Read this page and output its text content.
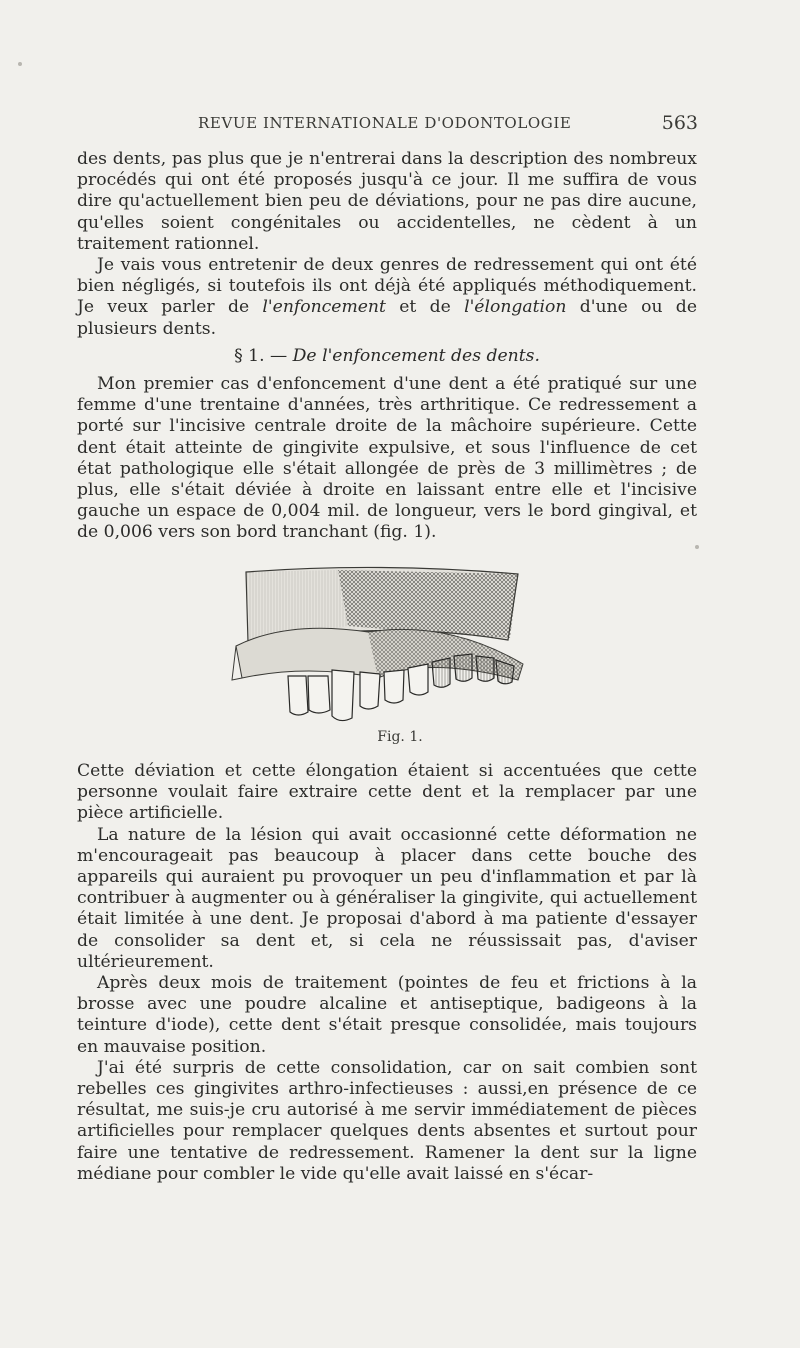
REVUE INTERNATIONALE D'ODONTOLOGIE	563

des dents, pas plus que je n'entrerai dans la description des nombreux procédés qui ont été proposés jusqu'à ce jour. Il me suffira de vous dire qu'actuellement bien peu de déviations, pour ne pas dire aucune, qu'elles soient congénitales ou accidentelles, ne cèdent à un traitement rationnel.

Je vais vous entretenir de deux genres de redressement qui ont été bien négligés, si toutefois ils ont déjà été appliqués méthodiquement. Je veux parler de l'enfoncement et de l'élongation d'une ou de plusieurs dents.

§ 1. — De l'enfoncement des dents.

Mon premier cas d'enfoncement d'une dent a été pratiqué sur une femme d'une trentaine d'années, très arthritique. Ce redressement a porté sur l'incisive centrale droite de la mâchoire supérieure. Cette dent était atteinte de gingivite expulsive, et sous l'influence de cet état pathologique elle s'était allongée de près de 3 millimètres ; de plus, elle s'était déviée à droite en laissant entre elle et l'incisive gauche un espace de 0,004 mil. de longueur, vers le bord gingival, et de 0,006 vers son bord tranchant (fig. 1).

Fig. 1.

Cette déviation et cette élongation étaient si accentuées que cette personne voulait faire extraire cette dent et la remplacer par une pièce artificielle.

La nature de la lésion qui avait occasionné cette déformation ne m'encourageait pas beaucoup à placer dans cette bouche des appareils qui auraient pu provoquer un peu d'inflammation et par là contribuer à augmenter ou à généraliser la gingivite, qui actuellement était limitée à une dent. Je proposai d'abord à ma patiente d'essayer de consolider sa dent et, si cela ne réussissait pas, d'aviser ultérieurement.

Après deux mois de traitement (pointes de feu et frictions à la brosse avec une poudre alcaline et antiseptique, badigeons à la teinture d'iode), cette dent s'était presque consolidée, mais toujours en mauvaise position.

J'ai été surpris de cette consolidation, car on sait combien sont rebelles ces gingivites arthro-infectieuses : aussi,en présence de ce résultat, me suis-je cru autorisé à me servir immédiatement de pièces artificielles pour remplacer quelques dents absentes et surtout pour faire une tentative de redressement. Ramener la dent sur la ligne médiane pour combler le vide qu'elle avait laissé en s'écar-
